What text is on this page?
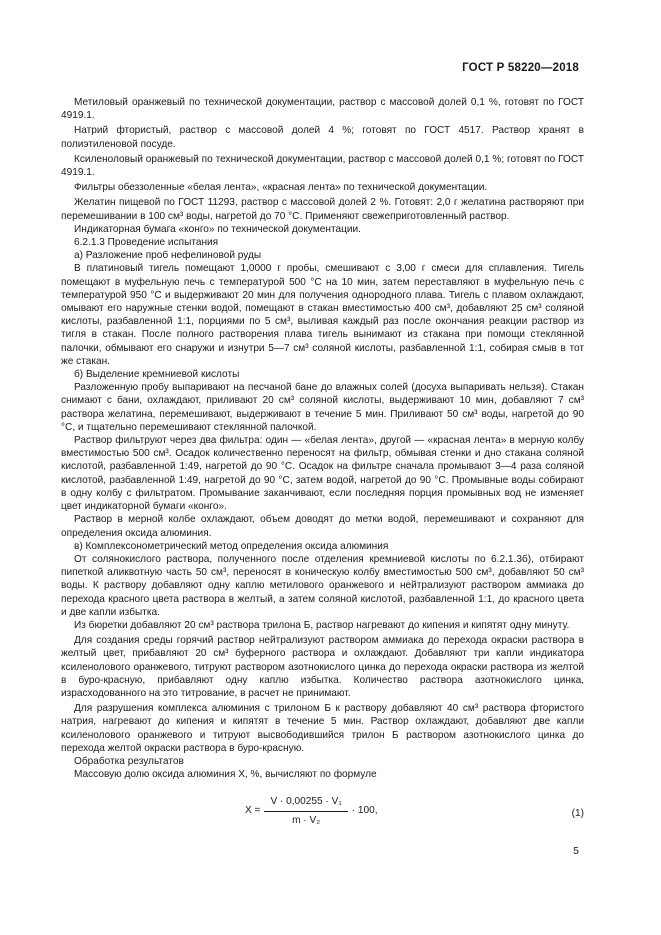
ГОСТ Р 58220—2018

Метиловый оранжевый по технической документации, раствор с массовой долей 0,1 %, готовят по ГОСТ 4919.1.

Натрий фтористый, раствор с массовой долей 4 %; готовят по ГОСТ 4517. Раствор хранят в полиэтиленовой посуде.

Ксиленоловый оранжевый по технической документации, раствор с массовой долей 0,1 %; готовят по ГОСТ 4919.1.

Фильтры обеззоленные «белая лента», «красная лента» по технической документации.

Желатин пищевой по ГОСТ 11293, раствор с массовой долей 2 %. Готовят: 2,0 г желатина растворяют при перемешивании в 100 см³ воды, нагретой до 70 °С. Применяют свежеприготовленный раствор.

Индикаторная бумага «конго» по технической документации.

6.2.1.3 Проведение испытания

а) Разложение проб нефелиновой руды

В платиновый тигель помещают 1,0000 г пробы, смешивают с 3,00 г смеси для сплавления. Тигель помещают в муфельную печь с температурой 500 °С на 10 мин, затем переставляют в муфельную печь с температурой 950 °С и выдерживают 20 мин для получения однородного плава. Тигель с плавом охлаждают, омывают его наружные стенки водой, помещают в стакан вместимостью 400 см³, добавляют 25 см³ соляной кислоты, разбавленной 1:1, порциями по 5 см³, выливая каждый раз после окончания реакции раствор из тигля в стакан. После полного растворения плава тигель вынимают из стакана при помощи стеклянной палочки, обмывают его снаружи и изнутри 5—7 см³ соляной кислоты, разбавленной 1:1, собирая смыв в тот же стакан.

б) Выделение кремниевой кислоты

Разложенную пробу выпаривают на песчаной бане до влажных солей (досуха выпаривать нельзя). Стакан снимают с бани, охлаждают, приливают 20 см³ соляной кислоты, выдерживают 10 мин, добавляют 7 см³ раствора желатина, перемешивают, выдерживают в течение 5 мин. Приливают 50 см³ воды, нагретой до 90 °С, и тщательно перемешивают стеклянной палочкой.

Раствор фильтруют через два фильтра: один — «белая лента», другой — «красная лента» в мерную колбу вместимостью 500 см³. Осадок количественно переносят на фильтр, обмывая стенки и дно стакана соляной кислотой, разбавленной 1:49, нагретой до 90 °С. Осадок на фильтре сначала промывают 3—4 раза соляной кислотой, разбавленной 1:49, нагретой до 90 °С, затем водой, нагретой до 90 °С. Промывные воды собирают в одну колбу с фильтратом. Промывание заканчивают, если последняя порция промывных вод не изменяет цвет индикаторной бумаги «конго».

Раствор в мерной колбе охлаждают, объем доводят до метки водой, перемешивают и сохраняют для определения оксида алюминия.

в) Комплексонометрический метод определения оксида алюминия

От солянокислого раствора, полученного после отделения кремниевой кислоты по 6.2.1.3б), отбирают пипеткой аликвотную часть 50 см³, переносят в коническую колбу вместимостью 500 см³, добавляют 50 см³ воды. К раствору добавляют одну каплю метилового оранжевого и нейтрализуют раствором аммиака до перехода красного цвета раствора в желтый, а затем соляной кислотой, разбавленной 1:1, до красного цвета и две капли избытка.

Из бюретки добавляют 20 см³ раствора трилона Б, раствор нагревают до кипения и кипятят одну минуту.

Для создания среды горячий раствор нейтрализуют раствором аммиака до перехода окраски раствора в желтый цвет, прибавляют 20 см³ буферного раствора и охлаждают. Добавляют три капли индикатора ксиленолового оранжевого, титруют раствором азотнокислого цинка до перехода окраски раствора из желтой в буро-красную, прибавляют одну каплю избытка. Количество раствора азотнокислого цинка, израсходованного на это титрование, в расчет не принимают.

Для разрушения комплекса алюминия с трилоном Б к раствору добавляют 40 см³ раствора фтористого натрия, нагревают до кипения и кипятят в течение 5 мин. Раствор охлаждают, добавляют две капли ксиленолового оранжевого и титруют высвободившийся трилон Б раствором азотнокислого цинка до перехода желтой окраски раствора в буро-красную.

Обработка результатов

Массовую долю оксида алюминия X, %, вычисляют по формуле

$X = \frac{\text{V · 0,00255 · V₁}}{\text{m · V₂}} \cdot 100$,	(1)
5
